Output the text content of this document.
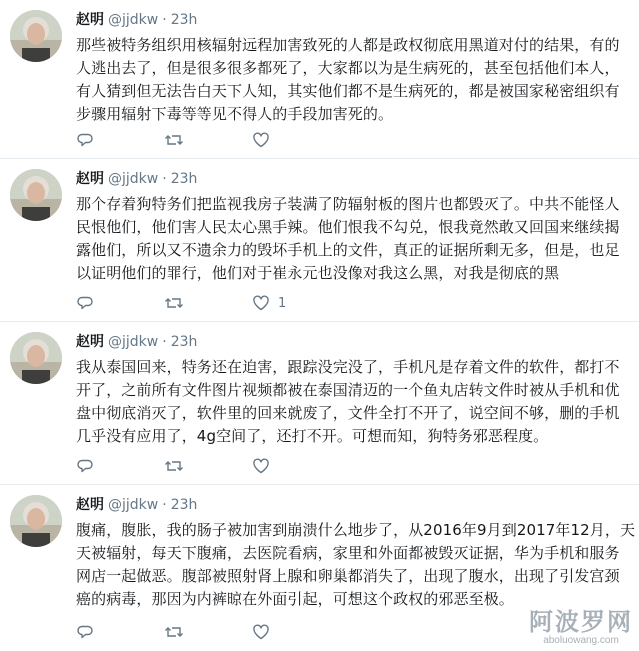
赵明 @jjdkw · 23h
那些被特务组织用核辐射远程加害致死的人都是政权彻底用黑道对付的结果，有的
人逃出去了，但是很多很多都死了，大家都以为是生病死的，甚至包括他们本人，
有人猜到但无法告白天下人知，其实他们都不是生病死的，都是被国家秘密组织有
步骤用辐射下毒等等见不得人的手段加害死的。
赵明 @jjdkw · 23h
那个存着狗特务们把监视我房子装满了防辐射板的图片也都毁灭了。中共不能怪人
民恨他们，他们害人民太心黑手辣。他们恨我不勾兑，恨我竟然敢又回国来继续揭
露他们，所以又不遗余力的毁坏手机上的文件，真正的证据所剩无多，但是，也足
以证明他们的罪行，他们对于崔永元也没像对我这么黑，对我是彻底的黑
1
赵明 @jjdkw · 23h
我从泰国回来，特务还在迫害，跟踪没完没了，手机凡是存着文件的软件，都打不
开了，之前所有文件图片视频都被在泰国清迈的一个鱼丸店转文件时被从手机和优
盘中彻底消灭了，软件里的回来就废了，文件全打不开了，说空间不够，删的手机
几乎没有应用了，4g空间了，还打不开。可想而知，狗特务邪恶程度。
赵明 @jjdkw · 23h
腹痛，腹胀，我的肠子被加害到崩溃什么地步了，从2016年9月到2017年12月，天
天被辐射，每天下腹痛，去医院看病，家里和外面都被毁灭证据，华为手机和服务
网店一起做恶。腹部被照射肾上腺和卵巢都消失了，出现了腹水，出现了引发宫颈
癌的病毒，那因为内裤晾在外面引起，可想这个政权的邪恶至极。
阿波罗网
aboluowang.com
